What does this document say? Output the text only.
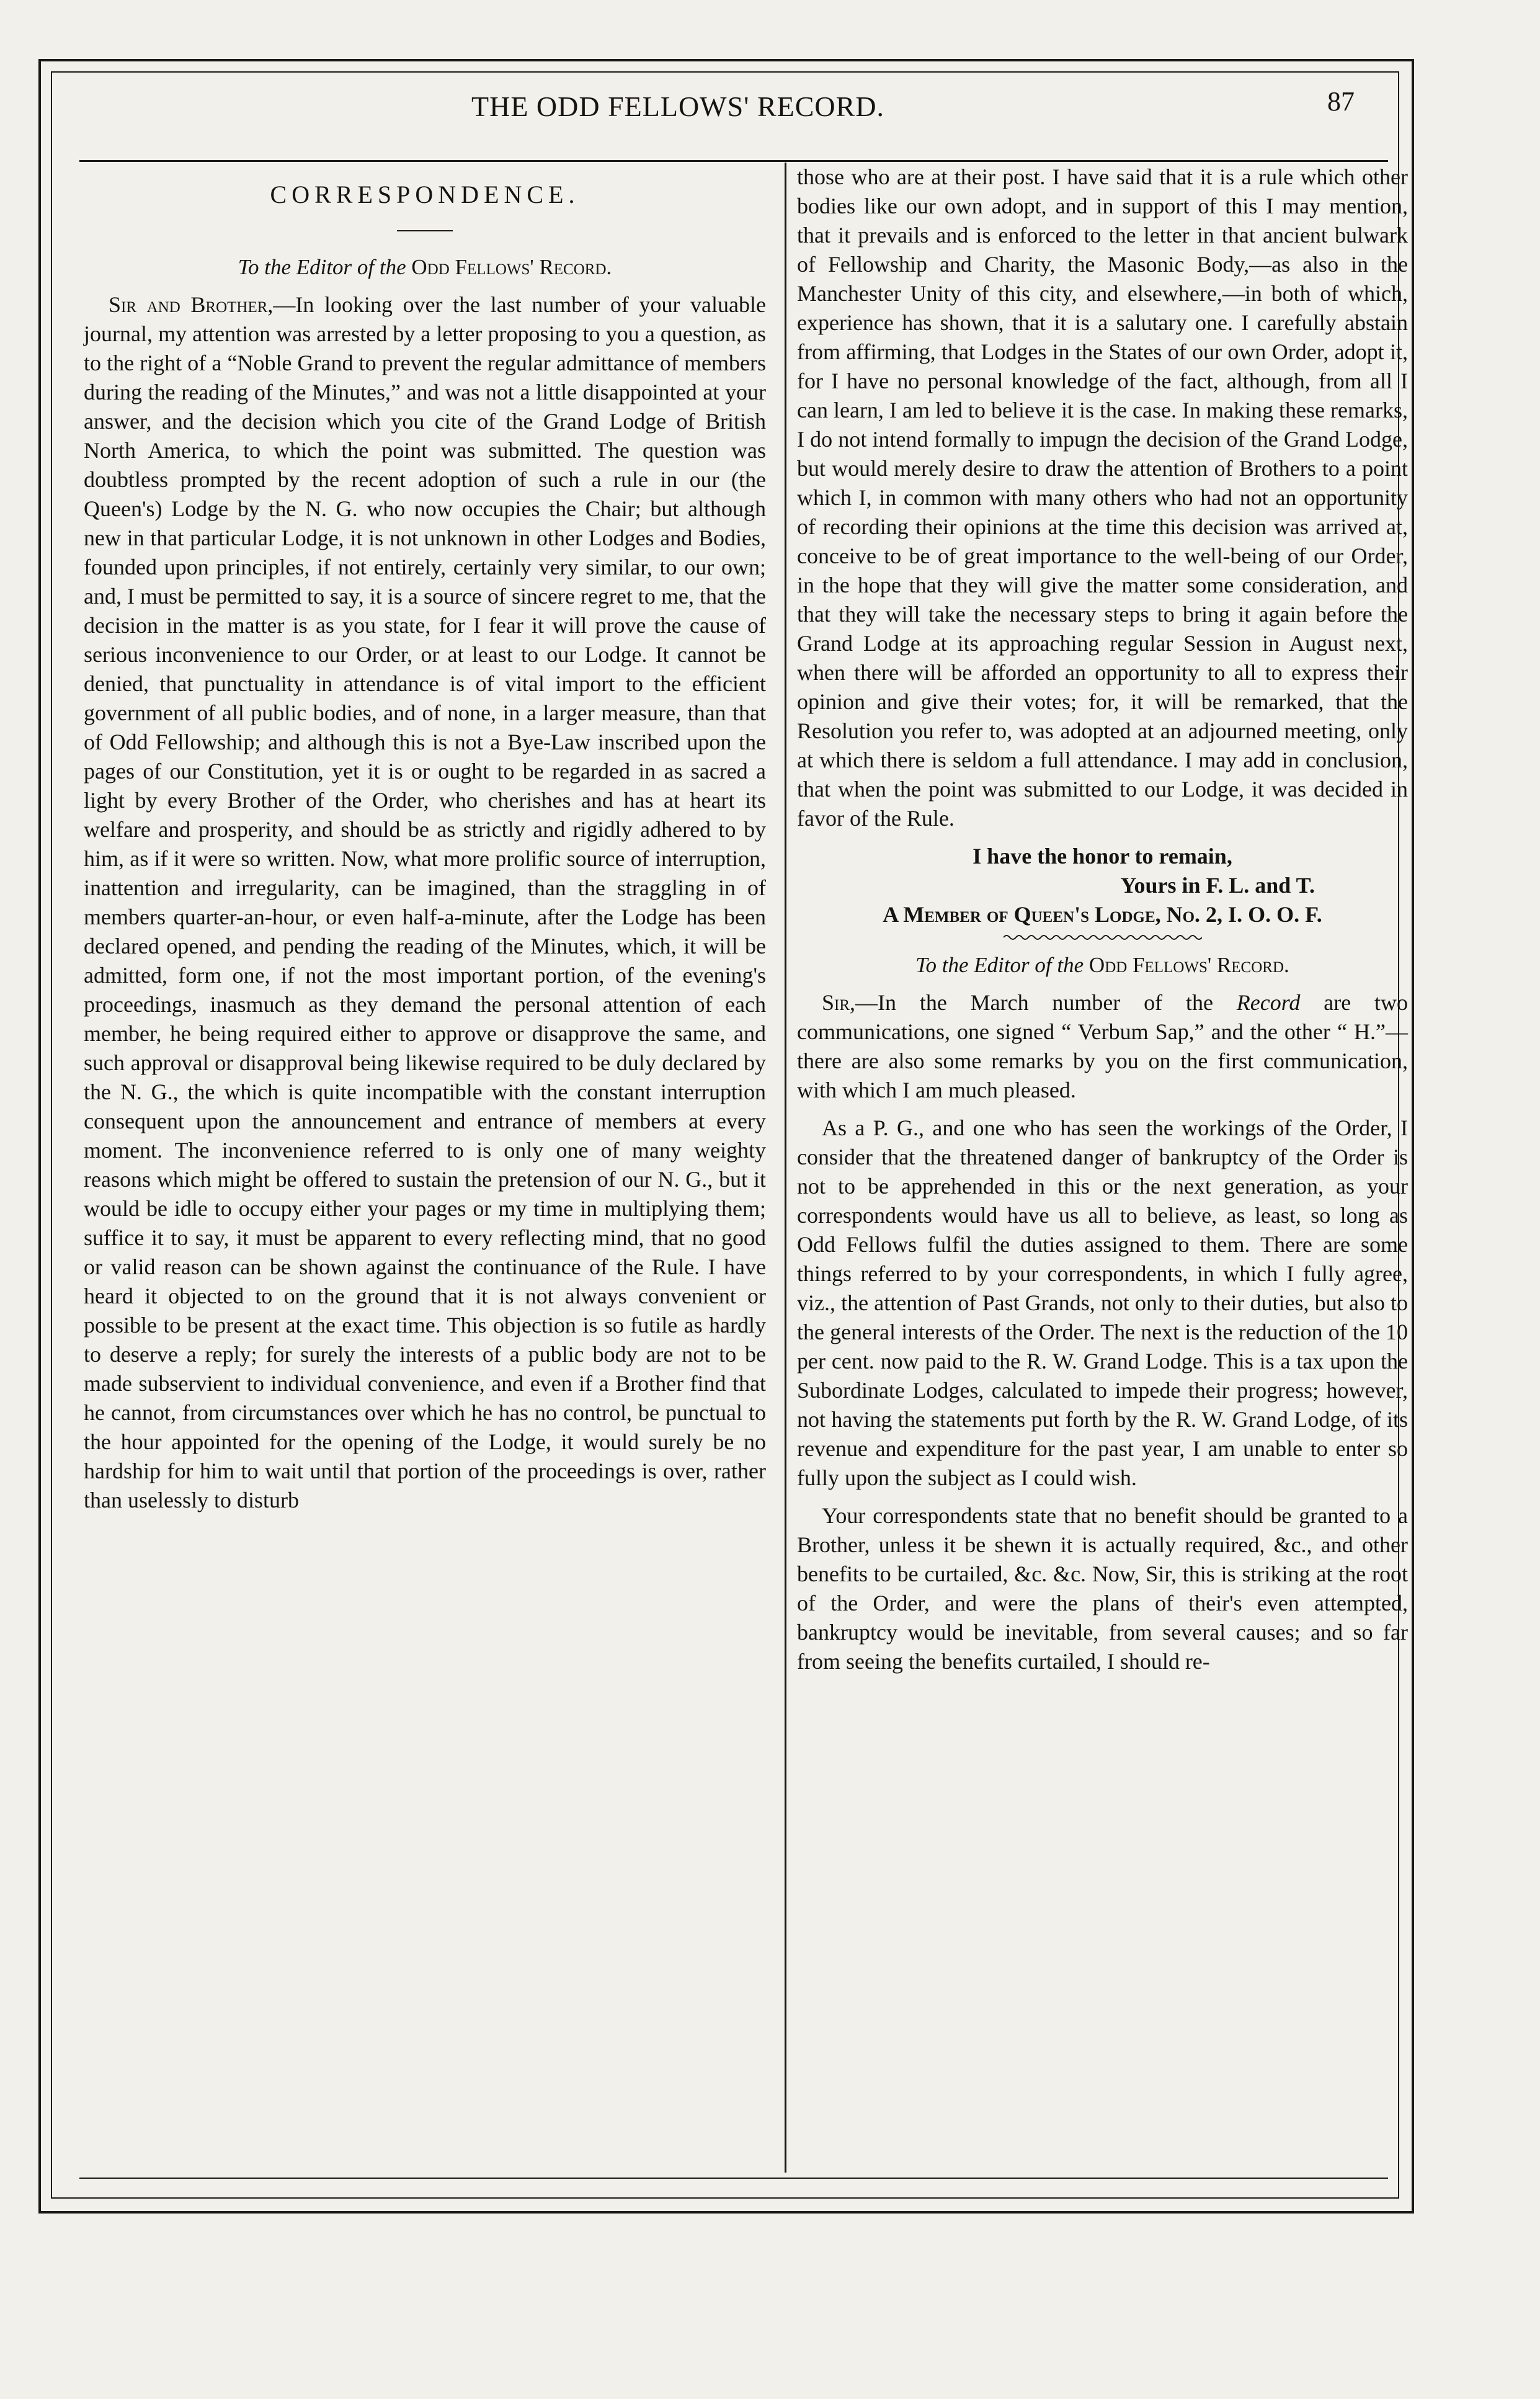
THE ODD FELLOWS' RECORD.	87
CORRESPONDENCE.
To the Editor of the Odd Fellows' Record.

Sir and Brother,—In looking over the last number of your valuable journal, my attention was arrested by a letter proposing to you a question, as to the right of a “Noble Grand to prevent the regular admittance of members during the reading of the Minutes,” and was not a little disappointed at your answer, and the decision which you cite of the Grand Lodge of British North America, to which the point was submitted. The question was doubtless prompted by the recent adoption of such a rule in our (the Queen's) Lodge by the N. G. who now occupies the Chair; but although new in that particular Lodge, it is not unknown in other Lodges and Bodies, founded upon principles, if not entirely, certainly very similar, to our own; and, I must be permitted to say, it is a source of sincere regret to me, that the decision in the matter is as you state, for I fear it will prove the cause of serious inconvenience to our Order, or at least to our Lodge. It cannot be denied, that punctuality in attendance is of vital import to the efficient government of all public bodies, and of none, in a larger measure, than that of Odd Fellowship; and although this is not a Bye-Law inscribed upon the pages of our Constitution, yet it is or ought to be regarded in as sacred a light by every Brother of the Order, who cherishes and has at heart its welfare and prosperity, and should be as strictly and rigidly adhered to by him, as if it were so written. Now, what more prolific source of interruption, inattention and irregularity, can be imagined, than the straggling in of members quarter-an-hour, or even half-a-minute, after the Lodge has been declared opened, and pending the reading of the Minutes, which, it will be admitted, form one, if not the most important portion, of the evening's proceedings, inasmuch as they demand the personal attention of each member, he being required either to approve or disapprove the same, and such approval or disapproval being likewise required to be duly declared by the N. G., the which is quite incompatible with the constant interruption consequent upon the announcement and entrance of members at every moment. The inconvenience referred to is only one of many weighty reasons which might be offered to sustain the pretension of our N. G., but it would be idle to occupy either your pages or my time in multiplying them; suffice it to say, it must be apparent to every reflecting mind, that no good or valid reason can be shown against the continuance of the Rule. I have heard it objected to on the ground that it is not always convenient or possible to be present at the exact time. This objection is so futile as hardly to deserve a reply; for surely the interests of a public body are not to be made subservient to individual convenience, and even if a Brother find that he cannot, from circumstances over which he has no control, be punctual to the hour appointed for the opening of the Lodge, it would surely be no hardship for him to wait until that portion of the proceedings is over, rather than uselessly to disturb

those who are at their post. I have said that it is a rule which other bodies like our own adopt, and in support of this I may mention, that it prevails and is enforced to the letter in that ancient bulwark of Fellowship and Charity, the Masonic Body,—as also in the Manchester Unity of this city, and elsewhere,—in both of which, experience has shown, that it is a salutary one. I carefully abstain from affirming, that Lodges in the States of our own Order, adopt it, for I have no personal knowledge of the fact, although, from all I can learn, I am led to believe it is the case. In making these remarks, I do not intend formally to impugn the decision of the Grand Lodge, but would merely desire to draw the attention of Brothers to a point which I, in common with many others who had not an opportunity of recording their opinions at the time this decision was arrived at, conceive to be of great importance to the well-being of our Order, in the hope that they will give the matter some consideration, and that they will take the necessary steps to bring it again before the Grand Lodge at its approaching regular Session in August next, when there will be afforded an opportunity to all to express their opinion and give their votes; for, it will be remarked, that the Resolution you refer to, was adopted at an adjourned meeting, only at which there is seldom a full attendance. I may add in conclusion, that when the point was submitted to our Lodge, it was decided in favor of the Rule.

I have the honor to remain,
Yours in F. L. and T.
A Member of Queen's Lodge, No. 2, I. O. O. F.
To the Editor of the Odd Fellows' Record.

Sir,—In the March number of the Record are two communications, one signed “ Verbum Sap,” and the other “ H.”—there are also some remarks by you on the first communication, with which I am much pleased.

As a P. G., and one who has seen the workings of the Order, I consider that the threatened danger of bankruptcy of the Order is not to be apprehended in this or the next generation, as your correspondents would have us all to believe, as least, so long as Odd Fellows fulfil the duties assigned to them. There are some things referred to by your correspondents, in which I fully agree, viz., the attention of Past Grands, not only to their duties, but also to the general interests of the Order. The next is the reduction of the 10 per cent. now paid to the R. W. Grand Lodge. This is a tax upon the Subordinate Lodges, calculated to impede their progress; however, not having the statements put forth by the R. W. Grand Lodge, of its revenue and expenditure for the past year, I am unable to enter so fully upon the subject as I could wish.

Your correspondents state that no benefit should be granted to a Brother, unless it be shewn it is actually required, &c., and other benefits to be curtailed, &c. &c. Now, Sir, this is striking at the root of the Order, and were the plans of their's even attempted, bankruptcy would be inevitable, from several causes; and so far from seeing the benefits curtailed, I should re-
